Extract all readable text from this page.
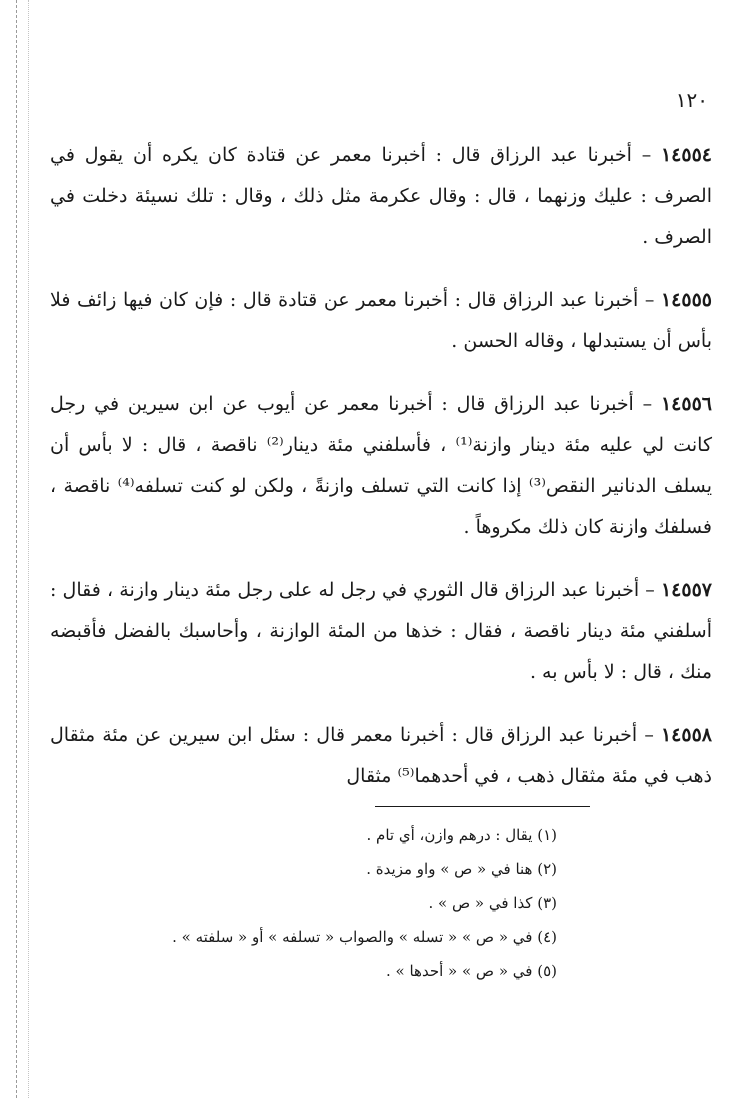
١٢٠

١٤٥٥٤ – أخبرنا عبد الرزاق قال : أخبرنا معمر عن قتادة كان يكره أن يقول في الصرف : عليك وزنهما ، قال : وقال عكرمة مثل ذلك ، وقال : تلك نسيئة دخلت في الصرف .

١٤٥٥٥ – أخبرنا عبد الرزاق قال : أخبرنا معمر عن قتادة قال : فإن كان فيها زائف فلا بأس أن يستبدلها ، وقاله الحسن .

١٤٥٥٦ – أخبرنا عبد الرزاق قال : أخبرنا معمر عن أيوب عن ابن سيرين في رجل كانت لي عليه مئة دينار وازنة⁽¹⁾ ، فأسلفني مئة دينار⁽²⁾ ناقصة ، قال : لا بأس أن يسلف الدنانير النقص⁽³⁾ إذا كانت التي تسلف وازنةً ، ولكن لو كنت تسلفه⁽⁴⁾ ناقصة ، فسلفك وازنة كان ذلك مكروهاً .

١٤٥٥٧ – أخبرنا عبد الرزاق قال الثوري في رجل له على رجل مئة دينار وازنة ، فقال : أسلفني مئة دينار ناقصة ، فقال : خذها من المئة الوازنة ، وأحاسبك بالفضل فأقبضه منك ، قال : لا بأس به .

١٤٥٥٨ – أخبرنا عبد الرزاق قال : أخبرنا معمر قال : سئل ابن سيرين عن مئة مثقال ذهب في مئة مثقال ذهب ، في أحدهما⁽⁵⁾ مثقال

(١) يقال : درهم وازن، أي تام .

(٢) هنا في « ص » واو مزيدة .

(٣) كذا في « ص » .

(٤) في « ص » « تسله » والصواب « تسلفه » أو « سلفته » .

(٥) في « ص » « أحدها » .
